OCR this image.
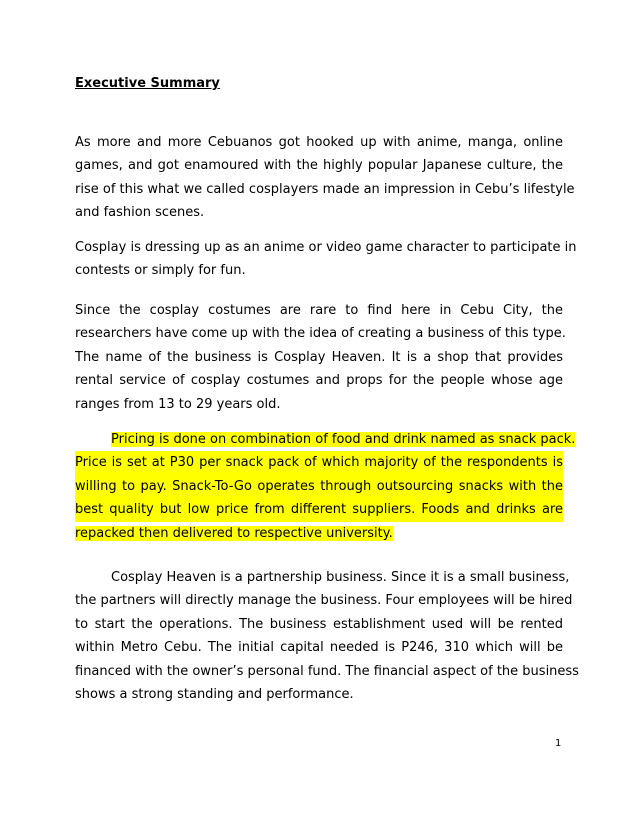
Executive Summary
As more and more Cebuanos got hooked up with anime, manga, online
games, and got enamoured with the highly popular Japanese culture, the
rise of this what we called cosplayers made an impression in Cebu’s lifestyle
and fashion scenes.
Cosplay is dressing up as an anime or video game character to participate in
contests or simply for fun.
Since the cosplay costumes are rare to find here in Cebu City, the
researchers have come up with the idea of creating a business of this type.
The name of the business is Cosplay Heaven. It is a shop that provides
rental service of cosplay costumes and props for the people whose age
ranges from 13 to 29 years old.
Pricing is done on combination of food and drink named as snack pack.
Price is set at P30 per snack pack of which majority of the respondents is
willing to pay. Snack-To-Go operates through outsourcing snacks with the
best quality but low price from different suppliers. Foods and drinks are
repacked then delivered to respective university.
Cosplay Heaven is a partnership business. Since it is a small business,
the partners will directly manage the business. Four employees will be hired
to start the operations. The business establishment used will be rented
within Metro Cebu. The initial capital needed is P246, 310 which will be
financed with the owner’s personal fund. The financial aspect of the business
shows a strong standing and performance.
1
